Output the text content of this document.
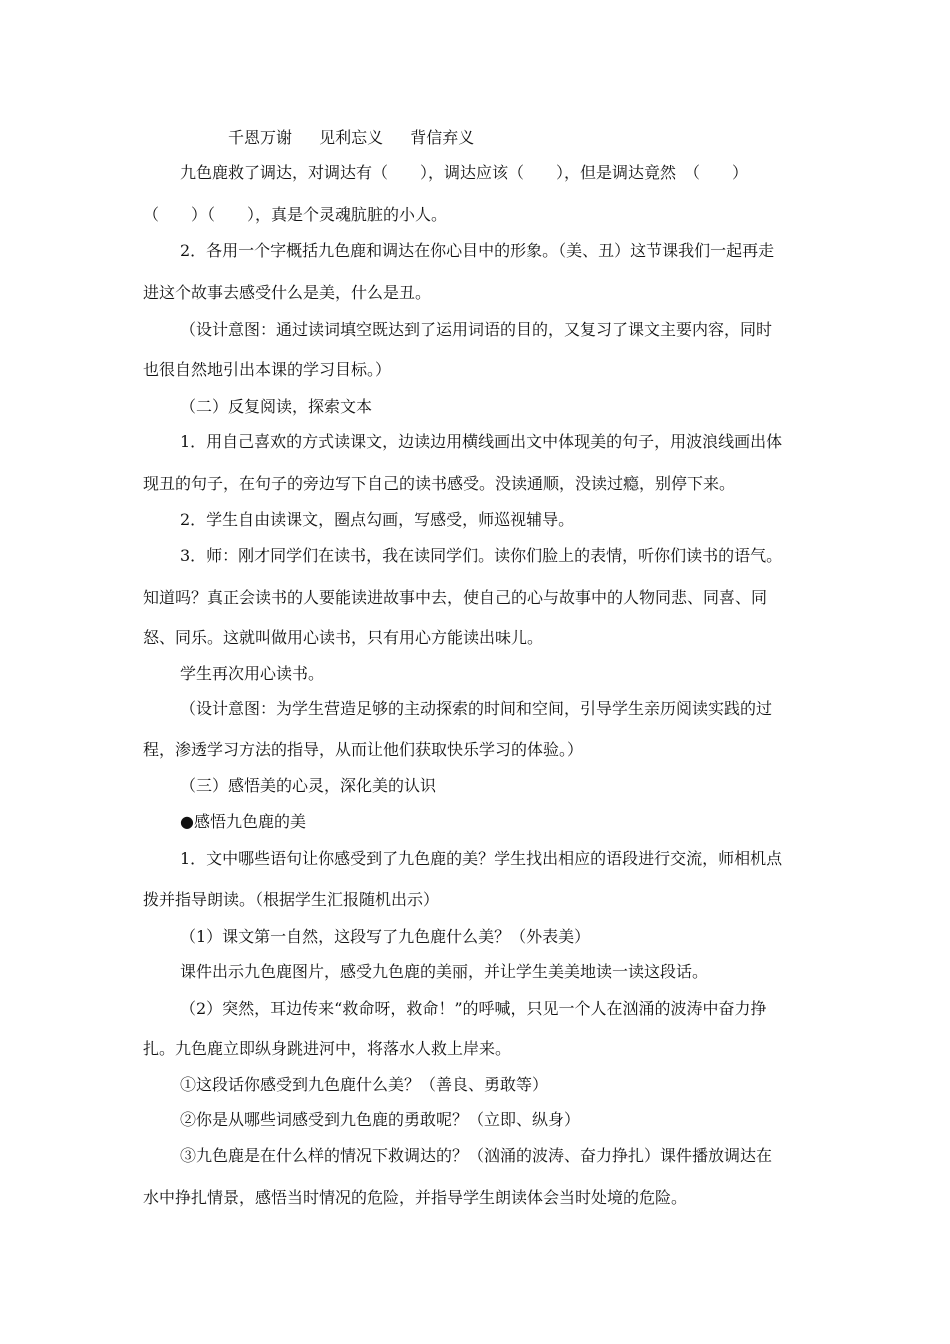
千恩万谢 见利忘义 背信弃义
九色鹿救了调达，对调达有（　　），调达应该（　　），但是调达竟然　（　　）
（　　）（　　），真是个灵魂肮脏的小人。
2．各用一个字概括九色鹿和调达在你心目中的形象。（美、丑）这节课我们一起再走
进这个故事去感受什么是美，什么是丑。
（设计意图：通过读词填空既达到了运用词语的目的，又复习了课文主要内容，同时
也很自然地引出本课的学习目标。）
（二）反复阅读，探索文本
1．用自己喜欢的方式读课文，边读边用横线画出文中体现美的句子，用波浪线画出体
现丑的句子，在句子的旁边写下自己的读书感受。没读通顺，没读过瘾，别停下来。
2．学生自由读课文，圈点勾画，写感受，师巡视辅导。
3．师：刚才同学们在读书，我在读同学们。读你们脸上的表情，听你们读书的语气。
知道吗？真正会读书的人要能读进故事中去，使自己的心与故事中的人物同悲、同喜、同
怒、同乐。这就叫做用心读书，只有用心方能读出味儿。
学生再次用心读书。
（设计意图：为学生营造足够的主动探索的时间和空间，引导学生亲历阅读实践的过
程，渗透学习方法的指导，从而让他们获取快乐学习的体验。）
（三）感悟美的心灵，深化美的认识
●感悟九色鹿的美
1．文中哪些语句让你感受到了九色鹿的美？学生找出相应的语段进行交流，师相机点
拨并指导朗读。（根据学生汇报随机出示）
（1）课文第一自然，这段写了九色鹿什么美？（外表美）
课件出示九色鹿图片，感受九色鹿的美丽，并让学生美美地读一读这段话。
（2）突然，耳边传来“救命呀，救命！”的呼喊，只见一个人在汹涌的波涛中奋力挣
扎。九色鹿立即纵身跳进河中，将落水人救上岸来。
①这段话你感受到九色鹿什么美？（善良、勇敢等）
②你是从哪些词感受到九色鹿的勇敢呢？（立即、纵身）
③九色鹿是在什么样的情况下救调达的？（汹涌的波涛、奋力挣扎）课件播放调达在
水中挣扎情景，感悟当时情况的危险，并指导学生朗读体会当时处境的危险。
